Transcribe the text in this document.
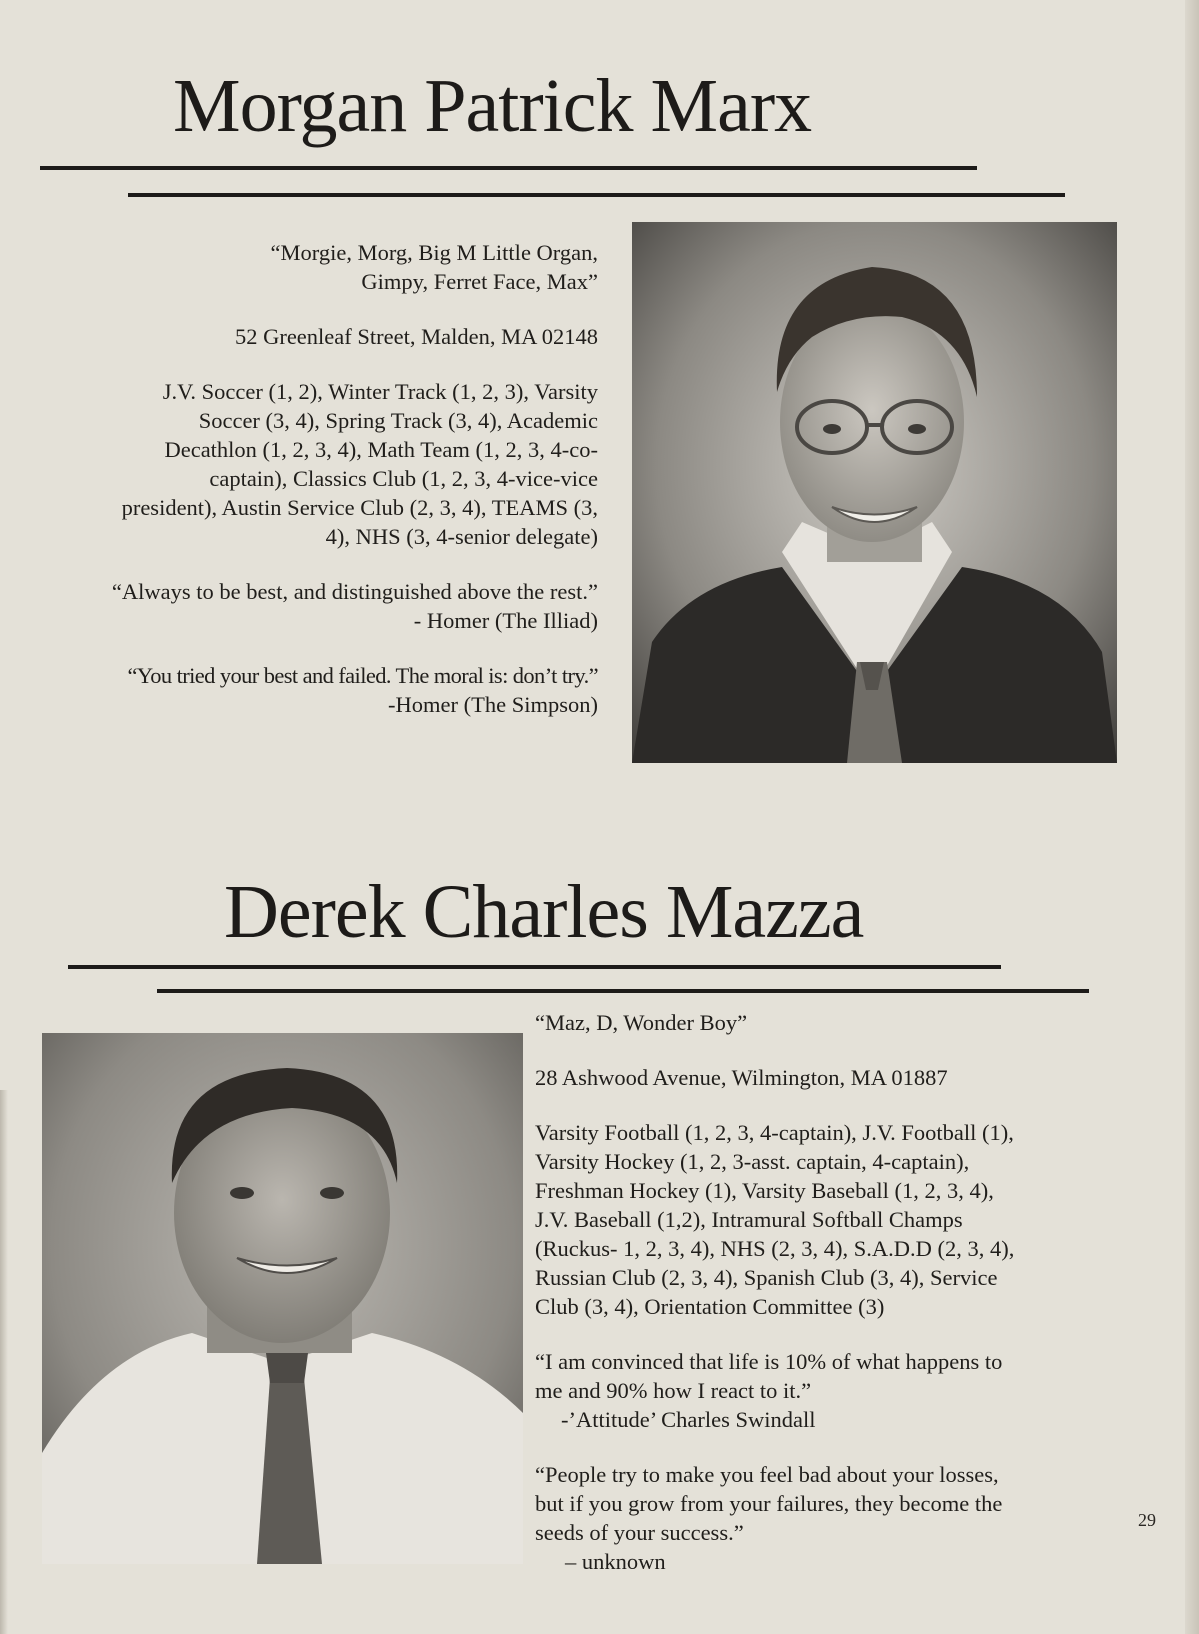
Morgan Patrick Marx

“Morgie, Morg, Big M Little Organ,

Gimpy, Ferret Face, Max”

52 Greenleaf Street, Malden, MA 02148

J.V. Soccer (1, 2), Winter Track (1, 2, 3), Varsity

Soccer (3, 4), Spring Track (3, 4), Academic

Decathlon (1, 2, 3, 4), Math Team (1, 2, 3, 4-co-

captain), Classics Club (1, 2, 3, 4-vice-vice

president), Austin Service Club (2, 3, 4), TEAMS (3,

4), NHS (3, 4-senior delegate)

“Always to be best, and distinguished above the rest.”

- Homer (The Illiad)

“You tried your best and failed. The moral is: don’t try.”

-Homer (The Simpson)

Derek Charles Mazza

“Maz, D, Wonder Boy”

28 Ashwood Avenue, Wilmington, MA 01887

Varsity Football (1, 2, 3, 4-captain), J.V. Football (1),

Varsity Hockey (1, 2, 3-asst. captain, 4-captain),

Freshman Hockey (1), Varsity Baseball (1, 2, 3, 4),

J.V. Baseball (1,2), Intramural Softball Champs

(Ruckus- 1, 2, 3, 4), NHS (2, 3, 4), S.A.D.D (2, 3, 4),

Russian Club (2, 3, 4), Spanish Club (3, 4), Service

Club (3, 4), Orientation Committee (3)

“I am convinced that life is 10% of what happens to

me and 90% how I react to it.”

-’Attitude’ Charles Swindall

“People try to make you feel bad about your losses,

but if you grow from your failures, they become the

seeds of your success.”

– unknown

29
